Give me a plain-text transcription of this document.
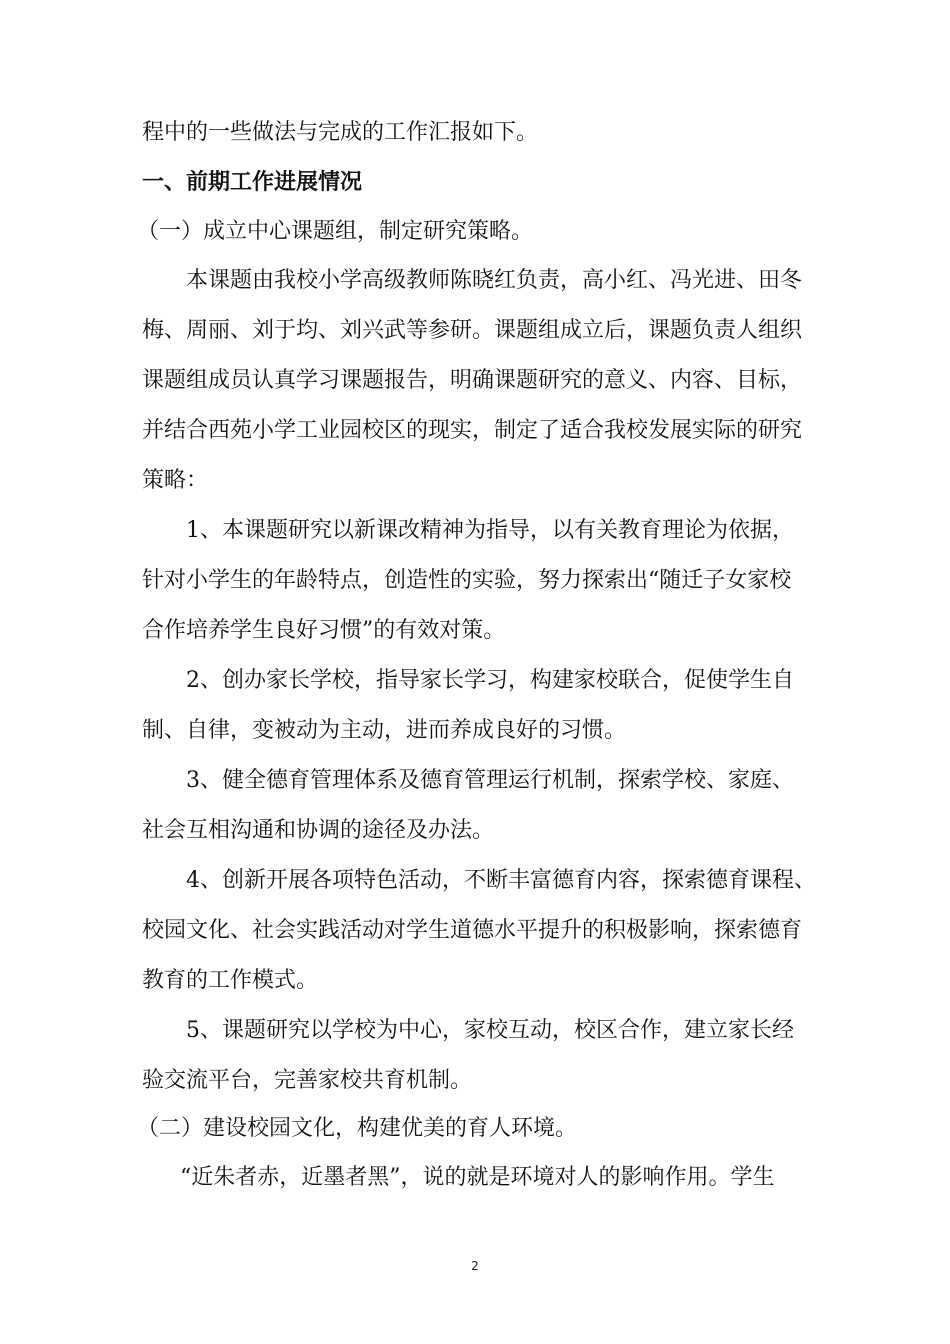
程中的一些做法与完成的工作汇报如下。
一、前期工作进展情况
（一）成立中心课题组，制定研究策略。
本课题由我校小学高级教师陈晓红负责，高小红、冯光进、田冬
梅、周丽、刘于均、刘兴武等参研。课题组成立后，课题负责人组织
课题组成员认真学习课题报告，明确课题研究的意义、内容、目标，
并结合西苑小学工业园校区的现实，制定了适合我校发展实际的研究
策略：
1、本课题研究以新课改精神为指导，以有关教育理论为依据，
针对小学生的年龄特点，创造性的实验，努力探索出“随迁子女家校
合作培养学生良好习惯”的有效对策。
2、创办家长学校，指导家长学习，构建家校联合，促使学生自
制、自律，变被动为主动，进而养成良好的习惯。
3、健全德育管理体系及德育管理运行机制，探索学校、家庭、
社会互相沟通和协调的途径及办法。
4、创新开展各项特色活动，不断丰富德育内容，探索德育课程、
校园文化、社会实践活动对学生道德水平提升的积极影响，探索德育
教育的工作模式。
5、课题研究以学校为中心，家校互动，校区合作，建立家长经
验交流平台，完善家校共育机制。
（二）建设校园文化，构建优美的育人环境。
“近朱者赤，近墨者黑”，说的就是环境对人的影响作用。学生
2
